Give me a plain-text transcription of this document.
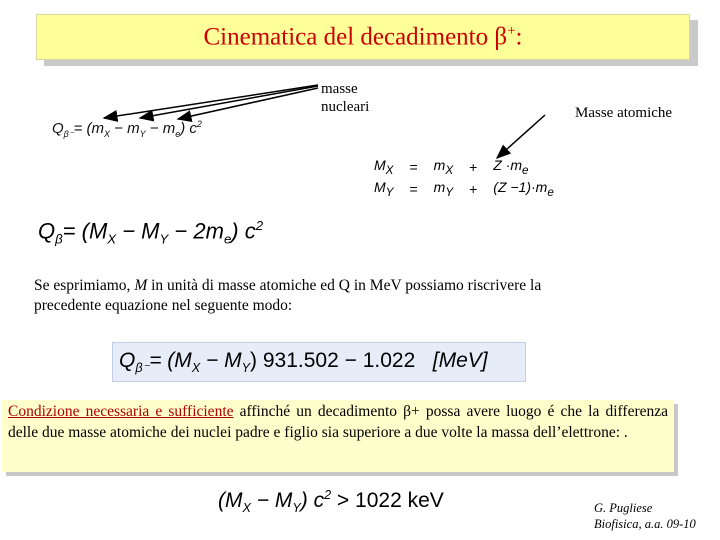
Cinematica del decadimento β+:
masse
nucleari	Masse atomiche
$Q_{\beta^-}= (m_X - m_Y - m_e)$ $c^2$
$M_X$	=	$m_X$	+	$Z \cdot m_e$
$M_Y$	=	$m_Y$	+	$(Z -1)\cdot m_e$
$Q_\beta= (M_X - M_Y - 2m_e)$ $c^2$
Se esprimiamo, M in unità di masse atomiche ed Q in MeV possiamo riscrivere la
precedente equazione nel seguente modo:
$Q_{\beta^-}= (M_X - M_Y) 931.502 - 1.022$ [MeV]
Condizione necessaria e sufficiente affinché un decadimento β+ possa avere luogo é che la differenza delle due masse atomiche dei nuclei padre e figlio sia superiore a due volte la massa dell’elettrone: .
$(M_X - M_Y) c^2 > 1022$ keV	G. Pugliese
Biofisica, a.a. 09-10
